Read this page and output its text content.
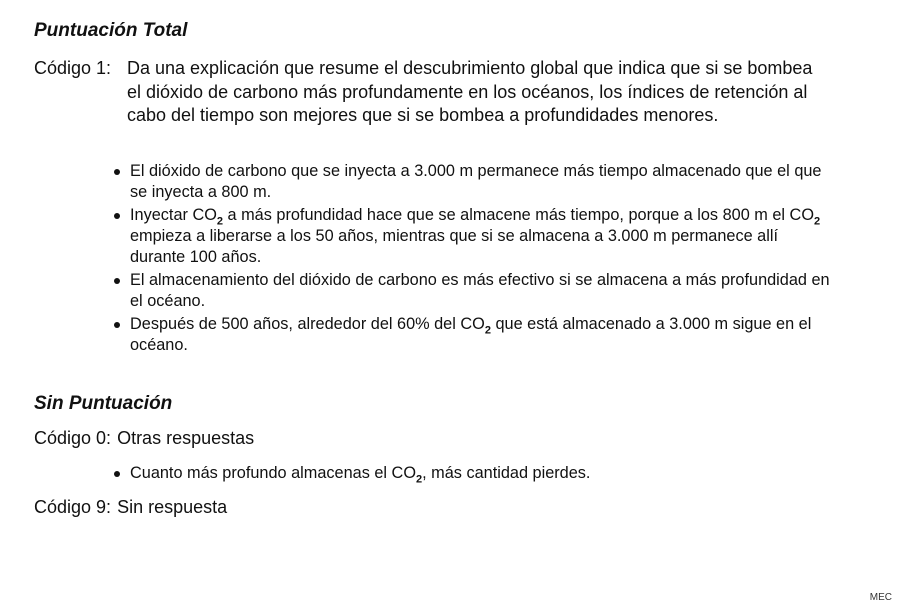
Puntuación Total
Código 1: Da una explicación que resume el descubrimiento global que indica que si se bombea el dióxido de carbono más profundamente en los océanos, los índices de retención al cabo del tiempo son mejores que si se bombea a profundidades menores.
El dióxido de carbono que se inyecta a 3.000 m permanece más tiempo almacenado que el que se inyecta a 800 m.
Inyectar $CO_2$ a más profundidad hace que se almacene más tiempo, porque a los 800 m el $CO_2$ empieza a liberarse a los 50 años, mientras que si se almacena a 3.000 m permanece allí durante 100 años.
El almacenamiento del dióxido de carbono es más efectivo si se almacena a más profundidad en el océano.
Después de 500 años, alrededor del 60% del $CO_2$ que está almacenado a 3.000 m sigue en el océano.
Sin Puntuación
Código 0: Otras respuestas
Cuanto más profundo almacenas el $CO_2$, más cantidad pierdes.
Código 9: Sin respuesta
MEC
